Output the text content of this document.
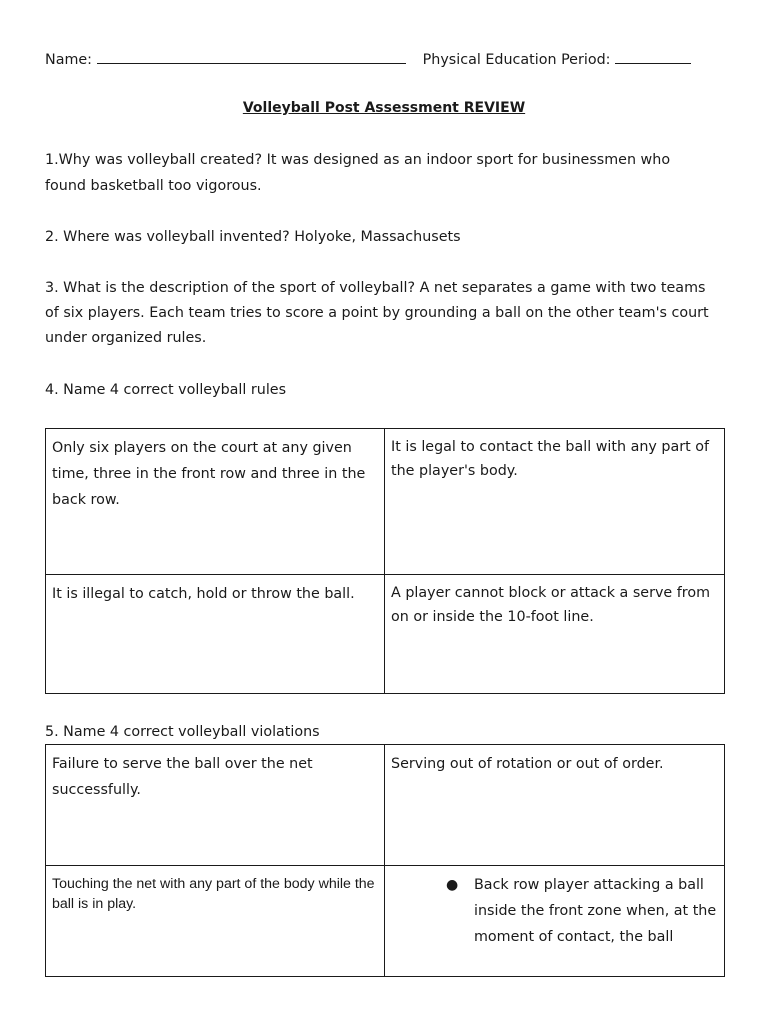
Name:	Physical Education Period:
Volleyball Post Assessment REVIEW
1.Why was volleyball created? It was designed as an indoor sport for businessmen who
found basketball too vigorous.
2. Where was volleyball invented? Holyoke, Massachusets
3. What is the description of the sport of volleyball? A net separates a game with two teams
of six players. Each team tries to score a point by grounding a ball on the other team's court
under organized rules.
4. Name 4 correct volleyball rules
Only six players on the court at any given time, three in the front row and three in the back row.	It is legal to contact the ball with any part of the player's body.

It is illegal to catch, hold or throw the ball.	A player cannot block or attack a serve from on or inside the 10-foot line.
5. Name 4 correct volleyball violations
Failure to serve the ball over the net successfully.	Serving out of rotation or out of order.

Touching the net with any part of the body while the ball is in play.	● Back row player attacking a ball inside the front zone when, at the moment of contact, the ball
